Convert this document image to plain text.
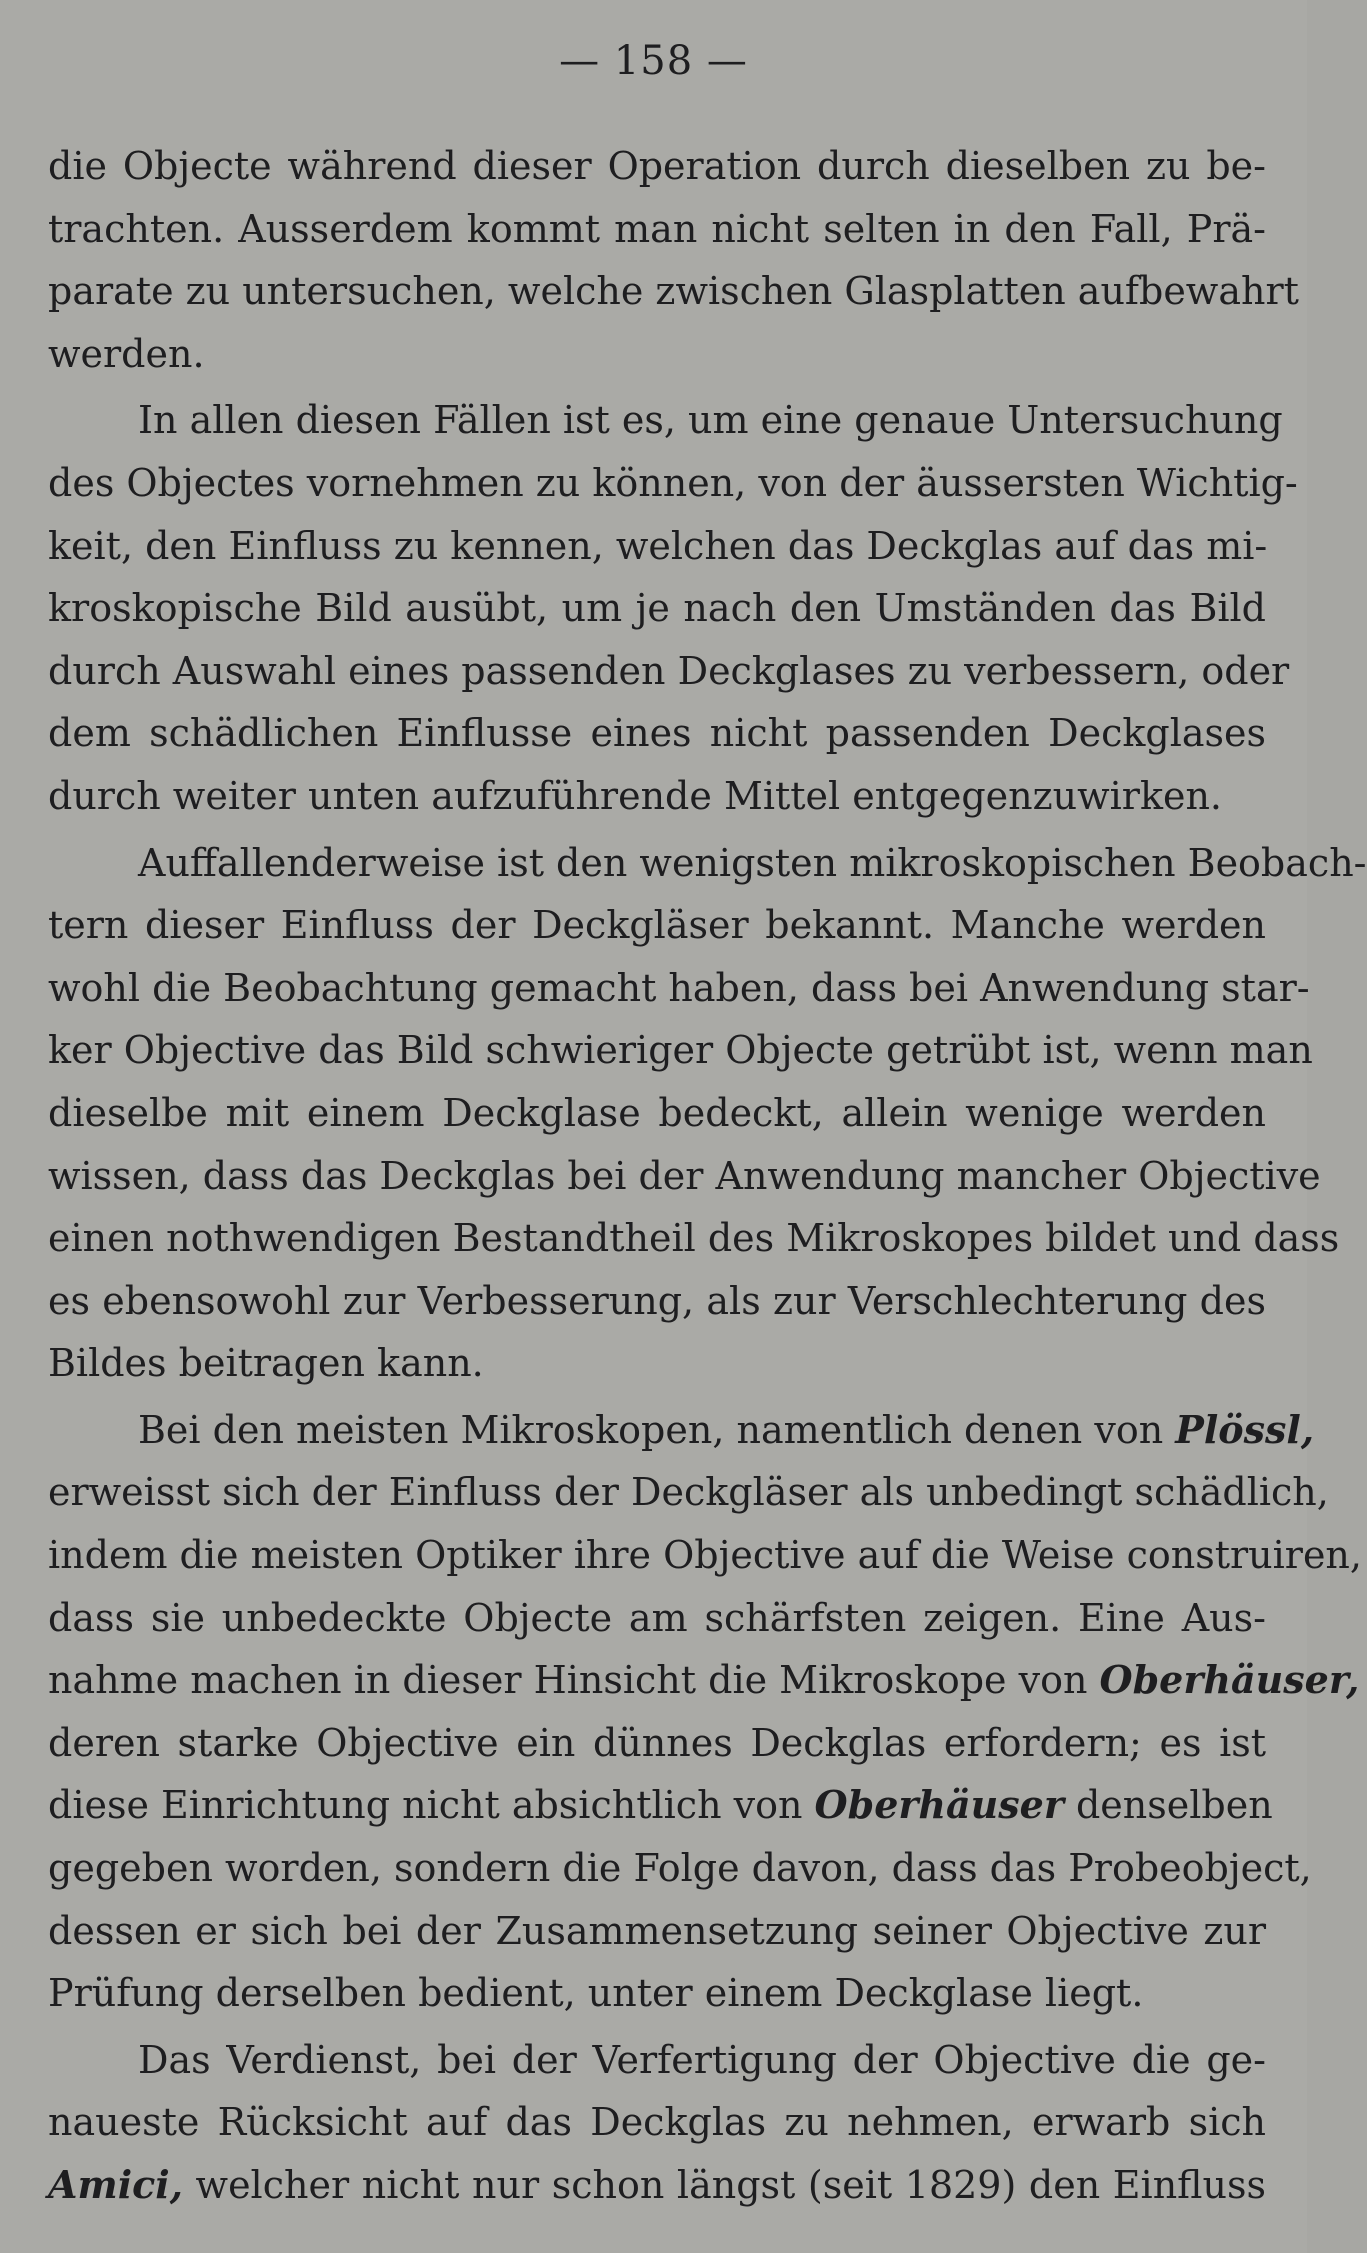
— 158 —
die Objecte während dieser Operation durch dieselben zu be-
trachten. Ausserdem kommt man nicht selten in den Fall, Prä-
parate zu untersuchen, welche zwischen Glasplatten aufbewahrt
werden.
In allen diesen Fällen ist es, um eine genaue Untersuchung
des Objectes vornehmen zu können, von der äussersten Wichtig-
keit, den Einfluss zu kennen, welchen das Deckglas auf das mi-
kroskopische Bild ausübt, um je nach den Umständen das Bild
durch Auswahl eines passenden Deckglases zu verbessern, oder
dem schädlichen Einflusse eines nicht passenden Deckglases
durch weiter unten aufzuführende Mittel entgegenzuwirken.
Auffallenderweise ist den wenigsten mikroskopischen Beobach-
tern dieser Einfluss der Deckgläser bekannt. Manche werden
wohl die Beobachtung gemacht haben, dass bei Anwendung star-
ker Objective das Bild schwieriger Objecte getrübt ist, wenn man
dieselbe mit einem Deckglase bedeckt, allein wenige werden
wissen, dass das Deckglas bei der Anwendung mancher Objective
einen nothwendigen Bestandtheil des Mikroskopes bildet und dass
es ebensowohl zur Verbesserung, als zur Verschlechterung des
Bildes beitragen kann.
Bei den meisten Mikroskopen, namentlich denen von Plössl,
erweisst sich der Einfluss der Deckgläser als unbedingt schädlich,
indem die meisten Optiker ihre Objective auf die Weise construiren,
dass sie unbedeckte Objecte am schärfsten zeigen. Eine Aus-
nahme machen in dieser Hinsicht die Mikroskope von Oberhäuser,
deren starke Objective ein dünnes Deckglas erfordern; es ist
diese Einrichtung nicht absichtlich von Oberhäuser denselben
gegeben worden, sondern die Folge davon, dass das Probeobject,
dessen er sich bei der Zusammensetzung seiner Objective zur
Prüfung derselben bedient, unter einem Deckglase liegt.
Das Verdienst, bei der Verfertigung der Objective die ge-
naueste Rücksicht auf das Deckglas zu nehmen, erwarb sich
Amici, welcher nicht nur schon längst (seit 1829) den Einfluss
